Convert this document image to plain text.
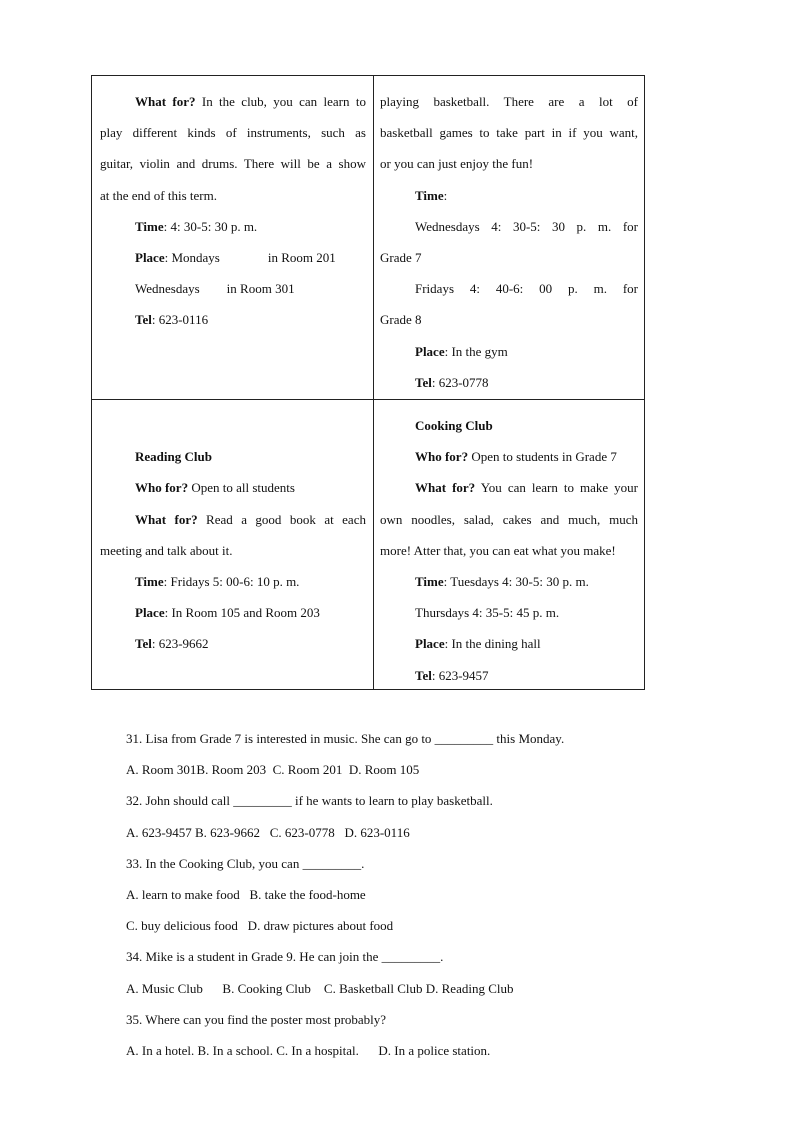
What for? In the club, you can learn to

play different kinds of instruments, such as

guitar, violin and drums. There will be a show

at the end of this term.

Time: 4: 30-5: 30 p. m.

Place: Mondays	in Room 201

Wednesdays in Room 301

Tel: 623-0116

playing basketball. There are a lot of

basketball games to take part in if you want,

or you can just enjoy the fun!

Time:

Wednesdays 4: 30-5: 30 p. m. for

Grade 7

Fridays 4: 40-6: 00 p. m. for

Grade 8

Place: In the gym

Tel: 623-0778

Reading Club

Who for? Open to all students

What for? Read a good book at each

meeting and talk about it.

Time: Fridays 5: 00-6: 10 p. m.

Place: In Room 105 and Room 203

Tel: 623-9662

Cooking Club

Who for? Open to students in Grade 7

What for? You can learn to make your

own noodles, salad, cakes and much, much

more! Atter that, you can eat what you make!

Time: Tuesdays 4: 30-5: 30 p. m.

Thursdays 4: 35-5: 45 p. m.

Place: In the dining hall

Tel: 623-9457

31. Lisa from Grade 7 is interested in music. She can go to _________ this Monday.

A. Room 301B. Room 203  C. Room 201  D. Room 105

32. John should call _________ if he wants to learn to play basketball.

A. 623-9457 B. 623-9662   C. 623-0778   D. 623-0116

33. In the Cooking Club, you can _________.

A. learn to make food   B. take the food-home

C. buy delicious food   D. draw pictures about food

34. Mike is a student in Grade 9. He can join the _________.

A. Music Club      B. Cooking Club    C. Basketball Club D. Reading Club

35. Where can you find the poster most probably?

A. In a hotel. B. In a school. C. In a hospital.      D. In a police station.
